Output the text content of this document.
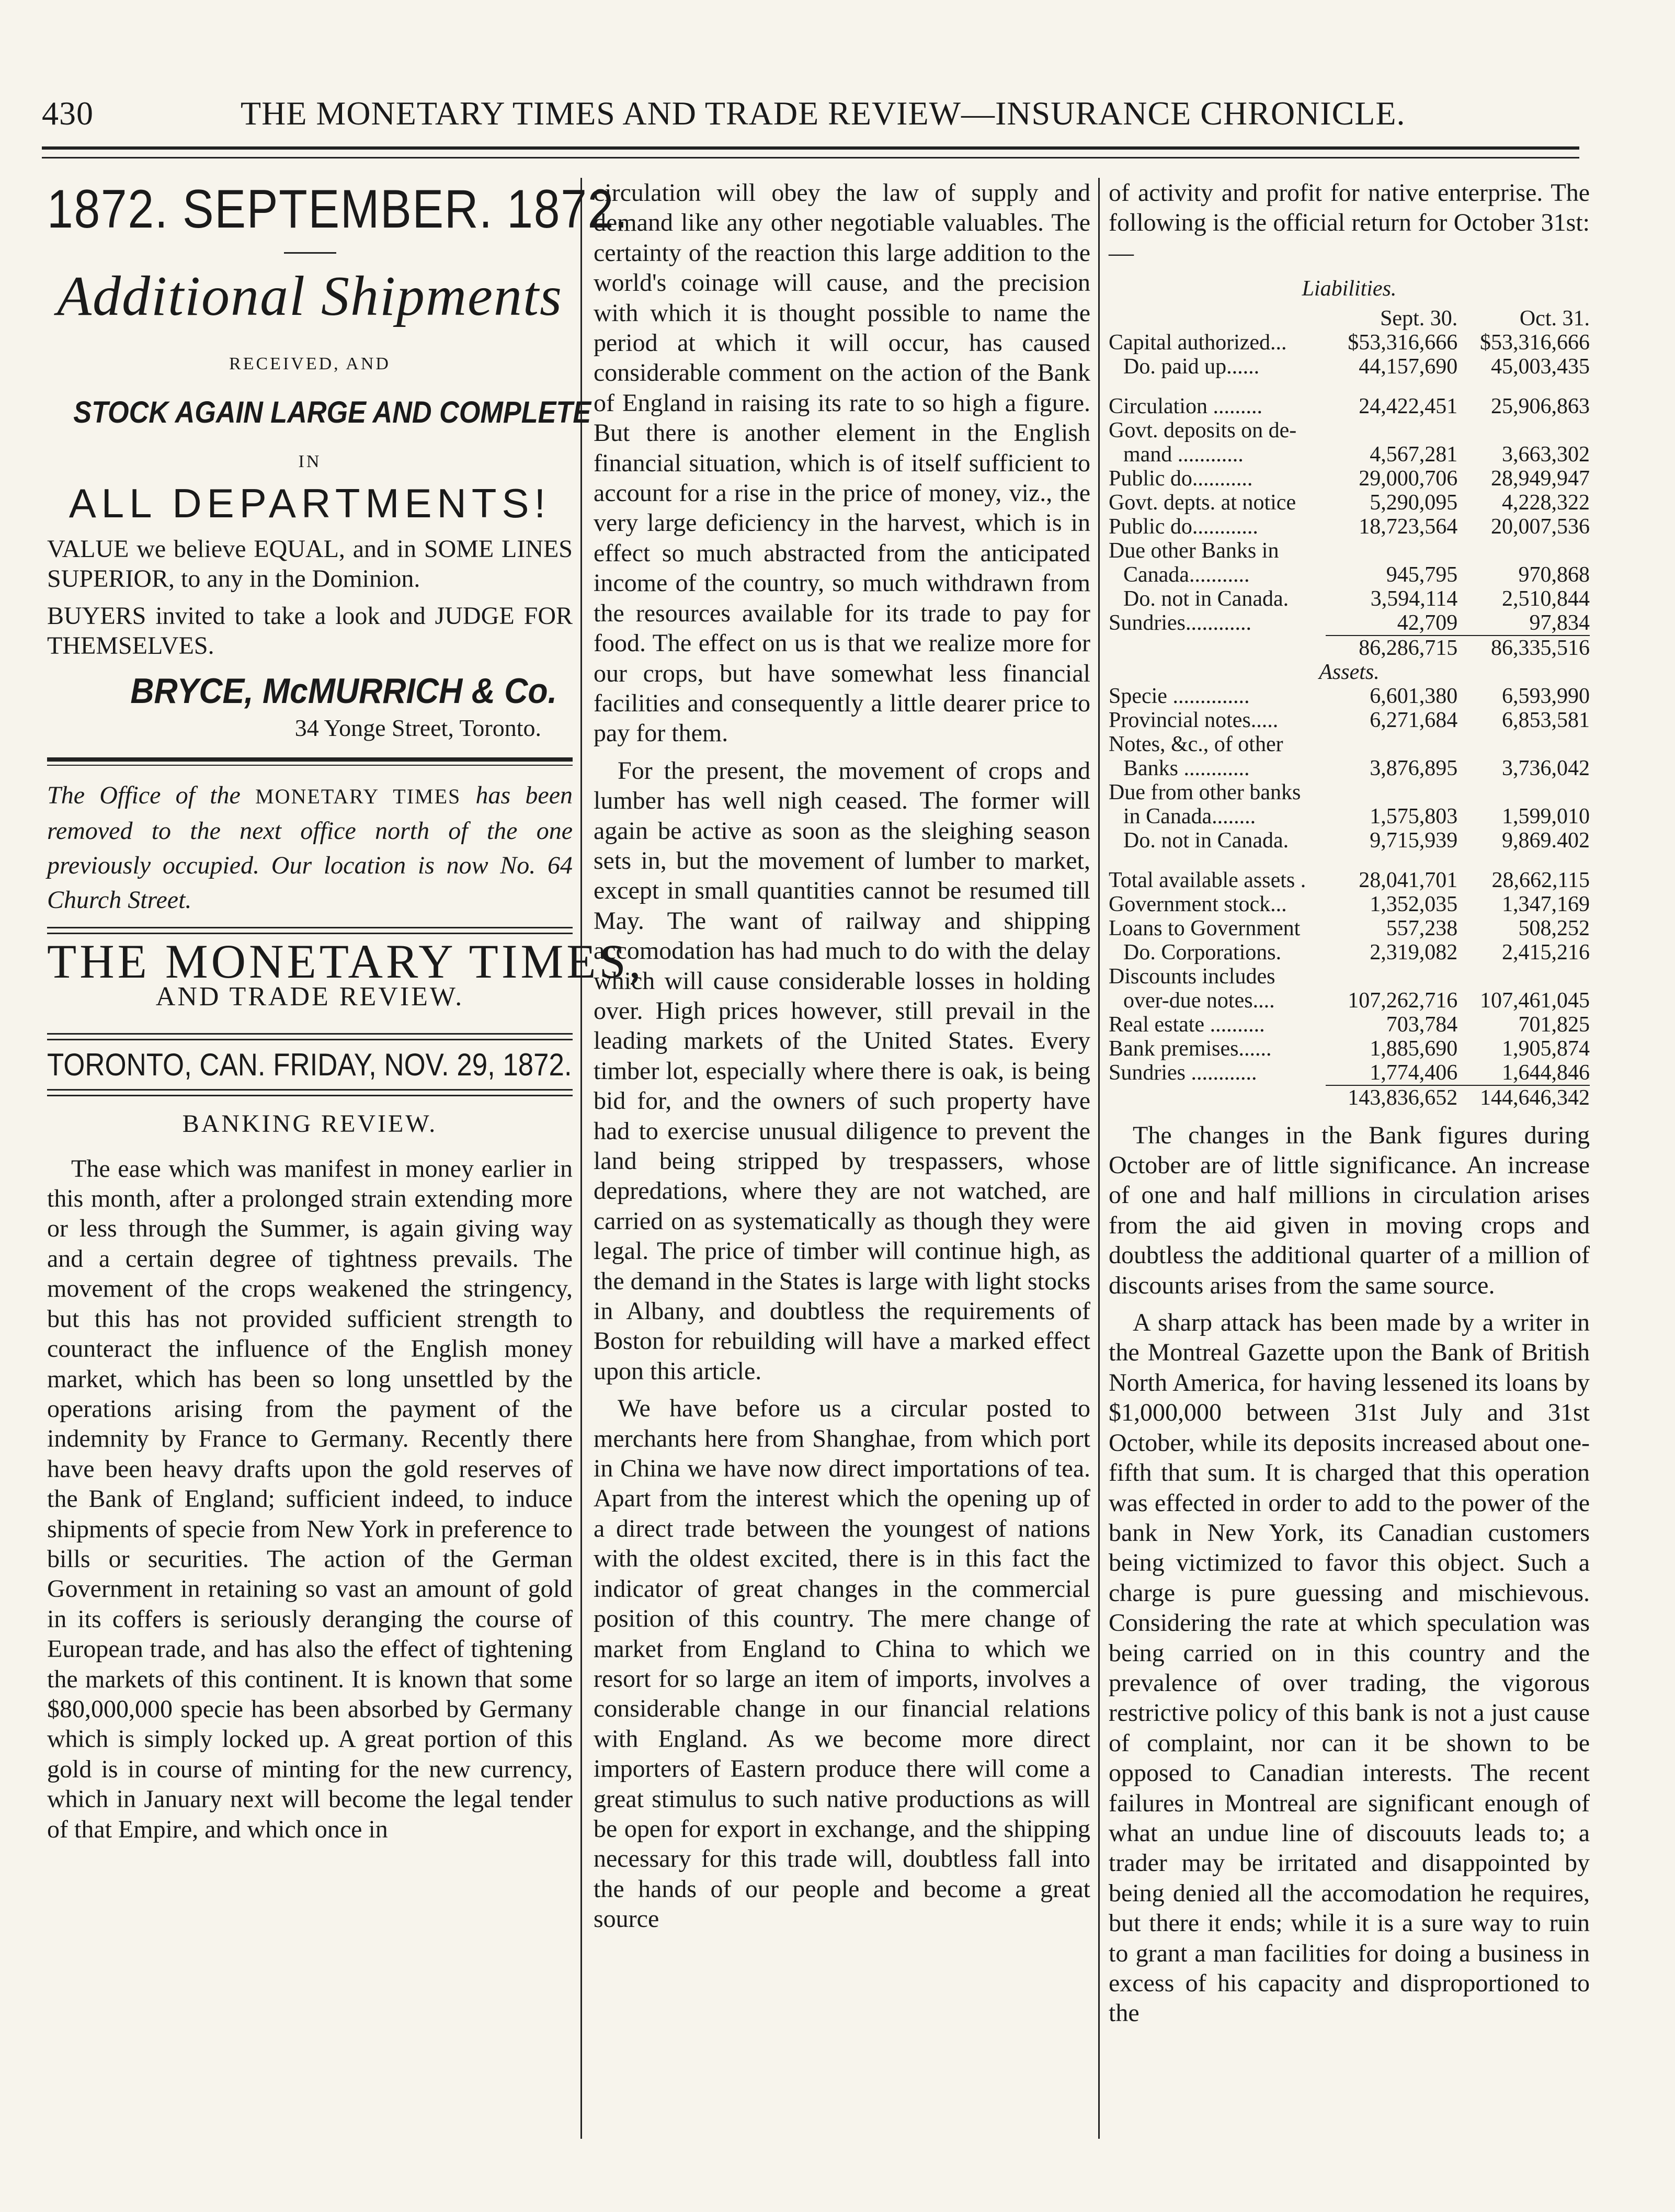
430	THE MONETARY TIMES AND TRADE REVIEW—INSURANCE CHRONICLE.
1872. SEPTEMBER. 1872.
Additional Shipments
RECEIVED, AND
STOCK AGAIN LARGE AND COMPLETE
IN
ALL DEPARTMENTS!
VALUE we believe EQUAL, and in SOME LINES SUPERIOR, to any in the Dominion.
BUYERS invited to take a look and JUDGE FOR THEMSELVES.
BRYCE, McMURRICH & Co.
34 Yonge Street, Toronto.
The Office of the MONETARY TIMES has been removed to the next office north of the one previously occupied. Our location is now No. 64 Church Street.
THE MONETARY TIMES,
AND TRADE REVIEW.
TORONTO, CAN. FRIDAY, NOV. 29, 1872.
BANKING REVIEW.

The ease which was manifest in money earlier in this month, after a prolonged strain extending more or less through the Summer, is again giving way and a certain degree of tightness prevails. The movement of the crops weakened the stringency, but this has not provided sufficient strength to counteract the influence of the English money market, which has been so long unsettled by the operations arising from the payment of the indemnity by France to Germany. Recently there have been heavy drafts upon the gold reserves of the Bank of England; sufficient indeed, to induce shipments of specie from New York in preference to bills or securities. The action of the German Government in retaining so vast an amount of gold in its coffers is seriously deranging the course of European trade, and has also the effect of tightening the markets of this continent. It is known that some $80,000,000 specie has been absorbed by Germany which is simply locked up. A great portion of this gold is in course of minting for the new currency, which in January next will become the legal tender of that Empire, and which once in

circulation will obey the law of supply and demand like any other negotiable valuables. The certainty of the reaction this large addition to the world's coinage will cause, and the precision with which it is thought possible to name the period at which it will occur, has caused considerable comment on the action of the Bank of England in raising its rate to so high a figure. But there is another element in the English financial situation, which is of itself sufficient to account for a rise in the price of money, viz., the very large deficiency in the harvest, which is in effect so much abstracted from the anticipated income of the country, so much withdrawn from the resources available for its trade to pay for food. The effect on us is that we realize more for our crops, but have somewhat less financial facilities and consequently a little dearer price to pay for them.

For the present, the movement of crops and lumber has well nigh ceased. The former will again be active as soon as the sleighing season sets in, but the movement of lumber to market, except in small quantities cannot be resumed till May. The want of railway and shipping accomodation has had much to do with the delay which will cause considerable losses in holding over. High prices however, still prevail in the leading markets of the United States. Every timber lot, especially where there is oak, is being bid for, and the owners of such property have had to exercise unusual diligence to prevent the land being stripped by trespassers, whose depredations, where they are not watched, are carried on as systematically as though they were legal. The price of timber will continue high, as the demand in the States is large with light stocks in Albany, and doubtless the requirements of Boston for rebuilding will have a marked effect upon this article.

We have before us a circular posted to merchants here from Shanghae, from which port in China we have now direct importations of tea. Apart from the interest which the opening up of a direct trade between the youngest of nations with the oldest excited, there is in this fact the indicator of great changes in the commercial position of this country. The mere change of market from England to China to which we resort for so large an item of imports, involves a considerable change in our financial relations with England. As we become more direct importers of Eastern produce there will come a great stimulus to such native productions as will be open for export in exchange, and the shipping necessary for this trade will, doubtless fall into the hands of our people and become a great source

of activity and profit for native enterprise. The following is the official return for October 31st:—

Liabilities.
	Sept. 30.	Oct. 31.
Capital authorized...	$53,316,666	$53,316,666
Do. paid up......	44,157,690	45,003,435

Circulation .........	24,422,451	25,906,863
Govt. deposits on de-		
mand ............	4,567,281	3,663,302
Public do...........	29,000,706	28,949,947
Govt. depts. at notice	5,290,095	4,228,322
Public do............	18,723,564	20,007,536
Due other Banks in		
Canada...........	945,795	970,868
Do. not in Canada.	3,594,114	2,510,844
Sundries............	42,709	97,834
	86,286,715	86,335,516
Assets.		
Specie ..............	6,601,380	6,593,990
Provincial notes.....	6,271,684	6,853,581
Notes, &c., of other		
Banks ............	3,876,895	3,736,042
Due from other banks		
in Canada........	1,575,803	1,599,010
Do. not in Canada.	9,715,939	9,869.402

Total available assets .	28,041,701	28,662,115
Government stock...	1,352,035	1,347,169
Loans to Government	557,238	508,252
Do. Corporations.	2,319,082	2,415,216
Discounts includes		
over-due notes....	107,262,716	107,461,045
Real estate ..........	703,784	701,825
Bank premises......	1,885,690	1,905,874
Sundries ............	1,774,406	1,644,846
	143,836,652	144,646,342

The changes in the Bank figures during October are of little significance. An increase of one and half millions in circulation arises from the aid given in moving crops and doubtless the additional quarter of a million of discounts arises from the same source.

A sharp attack has been made by a writer in the Montreal Gazette upon the Bank of British North America, for having lessened its loans by $1,000,000 between 31st July and 31st October, while its deposits increased about one-fifth that sum. It is charged that this operation was effected in order to add to the power of the bank in New York, its Canadian customers being victimized to favor this object. Such a charge is pure guessing and mischievous. Considering the rate at which speculation was being carried on in this country and the prevalence of over trading, the vigorous restrictive policy of this bank is not a just cause of complaint, nor can it be shown to be opposed to Canadian interests. The recent failures in Montreal are significant enough of what an undue line of discouuts leads to; a trader may be irritated and disappointed by being denied all the accomodation he requires, but there it ends; while it is a sure way to ruin to grant a man facilities for doing a business in excess of his capacity and disproportioned to the
